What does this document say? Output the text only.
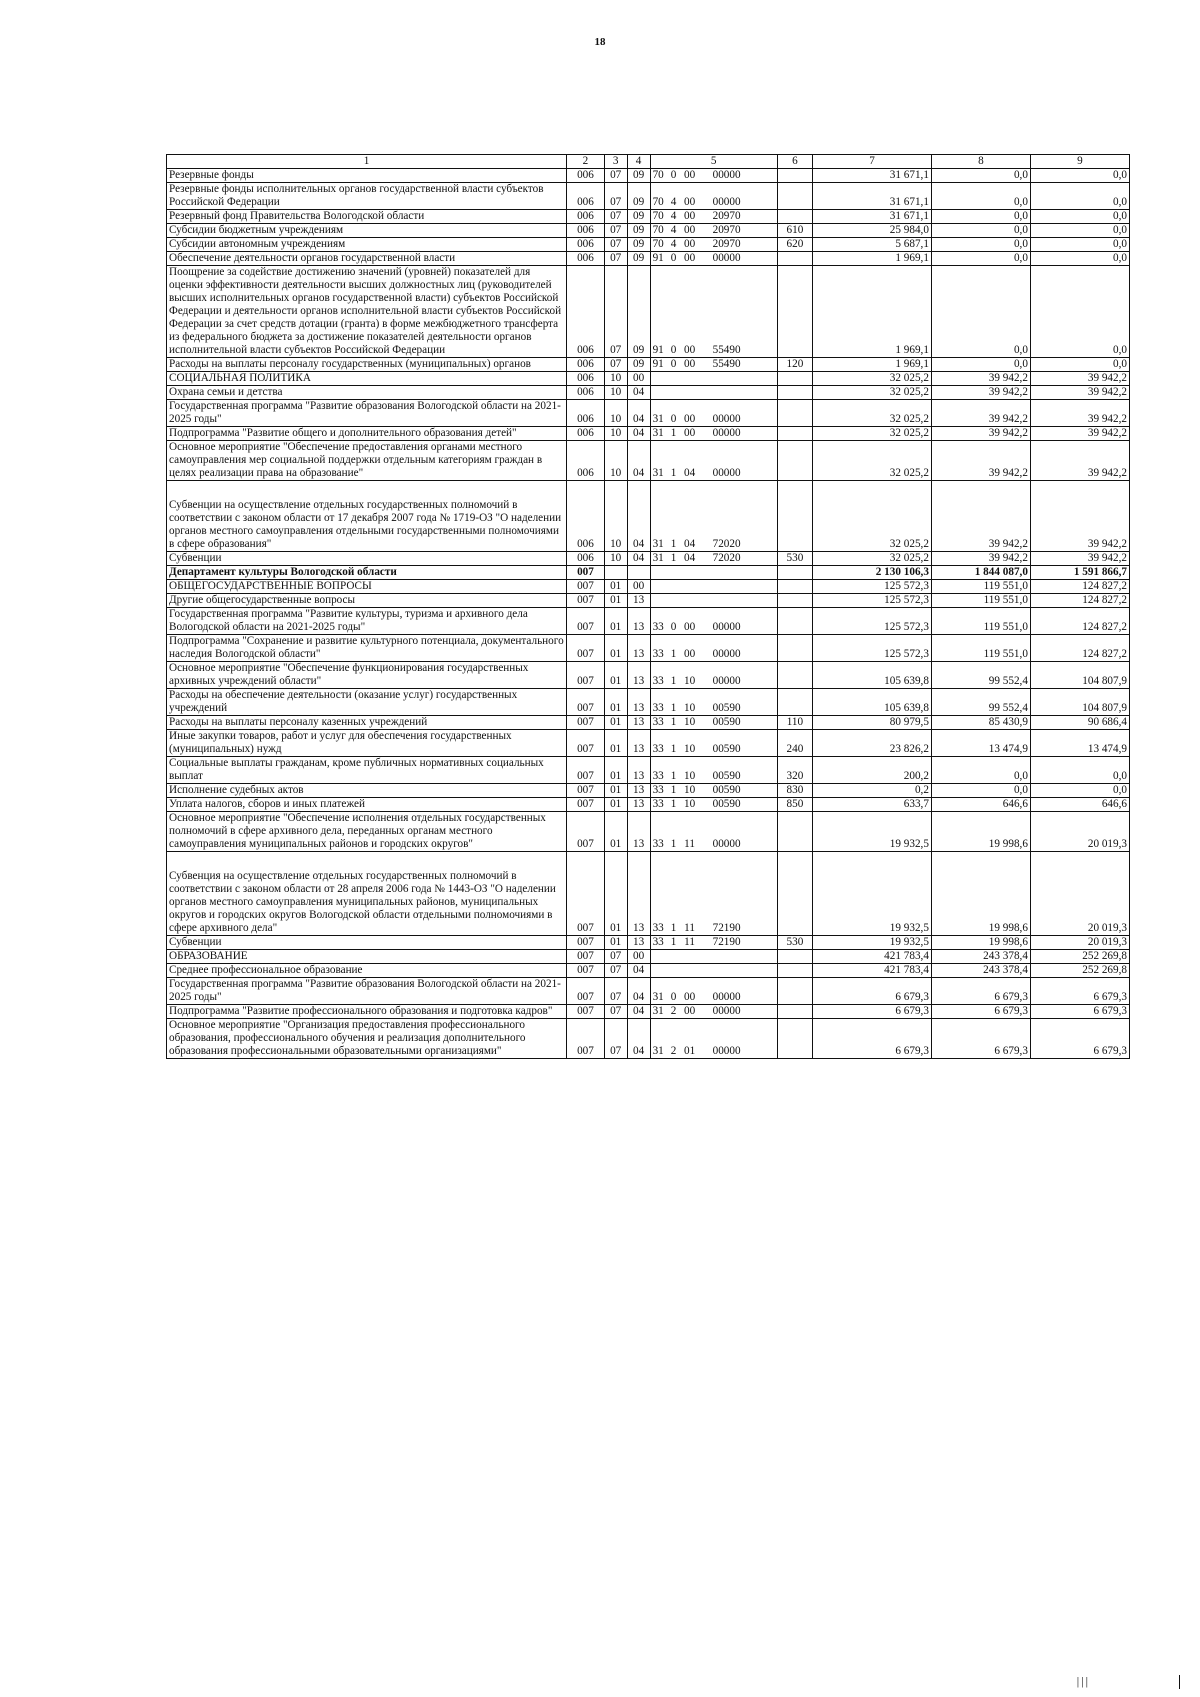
18
1	2	3	4	5	6	7	8	9
Резервные фонды	006	07	09	70 0 00 00000		31 671,1	0,0	0,0
Резервные фонды исполнительных органов государственной власти субъектов Российской Федерации	006	07	09	70 4 00 00000		31 671,1	0,0	0,0
Резервный фонд Правительства Вологодской области	006	07	09	70 4 00 20970		31 671,1	0,0	0,0
Субсидии бюджетным учреждениям	006	07	09	70 4 00 20970	610	25 984,0	0,0	0,0
Субсидии автономным учреждениям	006	07	09	70 4 00 20970	620	5 687,1	0,0	0,0
Обеспечение деятельности органов государственной власти	006	07	09	91 0 00 00000		1 969,1	0,0	0,0
Поощрение за содействие достижению значений (уровней) показателей для оценки эффективности деятельности высших должностных лиц (руководителей высших исполнительных органов государственной власти) субъектов Российской Федерации и деятельности органов исполнительной власти субъектов Российской Федерации за счет средств дотации (гранта) в форме межбюджетного трансферта из федерального бюджета за достижение показателей деятельности органов исполнительной власти субъектов Российской Федерации	006	07	09	91 0 00 55490		1 969,1	0,0	0,0
Расходы на выплаты персоналу государственных (муниципальных) органов	006	07	09	91 0 00 55490	120	1 969,1	0,0	0,0
СОЦИАЛЬНАЯ ПОЛИТИКА	006	10	00			32 025,2	39 942,2	39 942,2
Охрана семьи и детства	006	10	04			32 025,2	39 942,2	39 942,2
Государственная программа "Развитие образования Вологодской области на 2021-2025 годы"	006	10	04	31 0 00 00000		32 025,2	39 942,2	39 942,2
Подпрограмма "Развитие общего и дополнительного образования детей"	006	10	04	31 1 00 00000		32 025,2	39 942,2	39 942,2
Основное мероприятие "Обеспечение предоставления органами местного самоуправления мер социальной поддержки отдельным категориям граждан в целях реализации права на образование"	006	10	04	31 1 04 00000		32 025,2	39 942,2	39 942,2
Субвенции на осуществление отдельных государственных полномочий в соответствии с законом области от 17 декабря 2007 года № 1719-ОЗ "О наделении органов местного самоуправления отдельными государственными полномочиями в сфере образования"	006	10	04	31 1 04 72020		32 025,2	39 942,2	39 942,2
Субвенции	006	10	04	31 1 04 72020	530	32 025,2	39 942,2	39 942,2
Департамент культуры Вологодской области	007					2 130 106,3	1 844 087,0	1 591 866,7
ОБЩЕГОСУДАРСТВЕННЫЕ ВОПРОСЫ	007	01	00			125 572,3	119 551,0	124 827,2
Другие общегосударственные вопросы	007	01	13			125 572,3	119 551,0	124 827,2
Государственная программа "Развитие культуры, туризма и архивного дела Вологодской области на 2021-2025 годы"	007	01	13	33 0 00 00000		125 572,3	119 551,0	124 827,2
Подпрограмма "Сохранение и развитие культурного потенциала, документального наследия Вологодской области"	007	01	13	33 1 00 00000		125 572,3	119 551,0	124 827,2
Основное мероприятие "Обеспечение функционирования государственных архивных учреждений области"	007	01	13	33 1 10 00000		105 639,8	99 552,4	104 807,9
Расходы на обеспечение деятельности (оказание услуг) государственных учреждений	007	01	13	33 1 10 00590		105 639,8	99 552,4	104 807,9
Расходы на выплаты персоналу казенных учреждений	007	01	13	33 1 10 00590	110	80 979,5	85 430,9	90 686,4
Иные закупки товаров, работ и услуг для обеспечения государственных (муниципальных) нужд	007	01	13	33 1 10 00590	240	23 826,2	13 474,9	13 474,9
Социальные выплаты гражданам, кроме публичных нормативных социальных выплат	007	01	13	33 1 10 00590	320	200,2	0,0	0,0
Исполнение судебных актов	007	01	13	33 1 10 00590	830	0,2	0,0	0,0
Уплата налогов, сборов и иных платежей	007	01	13	33 1 10 00590	850	633,7	646,6	646,6
Основное мероприятие "Обеспечение исполнения отдельных государственных полномочий в сфере архивного дела, переданных органам местного самоуправления муниципальных районов и городских округов"	007	01	13	33 1 11 00000		19 932,5	19 998,6	20 019,3
Субвенция на осуществление отдельных государственных полномочий в соответствии с законом области от 28 апреля 2006 года № 1443-ОЗ "О наделении органов местного самоуправления муниципальных районов, муниципальных округов и городских округов Вологодской области отдельными полномочиями в сфере архивного дела"	007	01	13	33 1 11 72190		19 932,5	19 998,6	20 019,3
Субвенции	007	01	13	33 1 11 72190	530	19 932,5	19 998,6	20 019,3
ОБРАЗОВАНИЕ	007	07	00			421 783,4	243 378,4	252 269,8
Среднее профессиональное образование	007	07	04			421 783,4	243 378,4	252 269,8
Государственная программа "Развитие образования Вологодской области на 2021-2025 годы"	007	07	04	31 0 00 00000		6 679,3	6 679,3	6 679,3
Подпрограмма "Развитие профессионального образования и подготовка кадров"	007	07	04	31 2 00 00000		6 679,3	6 679,3	6 679,3
Основное мероприятие "Организация предоставления профессионального образования, профессионального обучения и реализация дополнительного образования профессиональными образовательными организациями"	007	07	04	31 2 01 00000		6 679,3	6 679,3	6 679,3
|||
